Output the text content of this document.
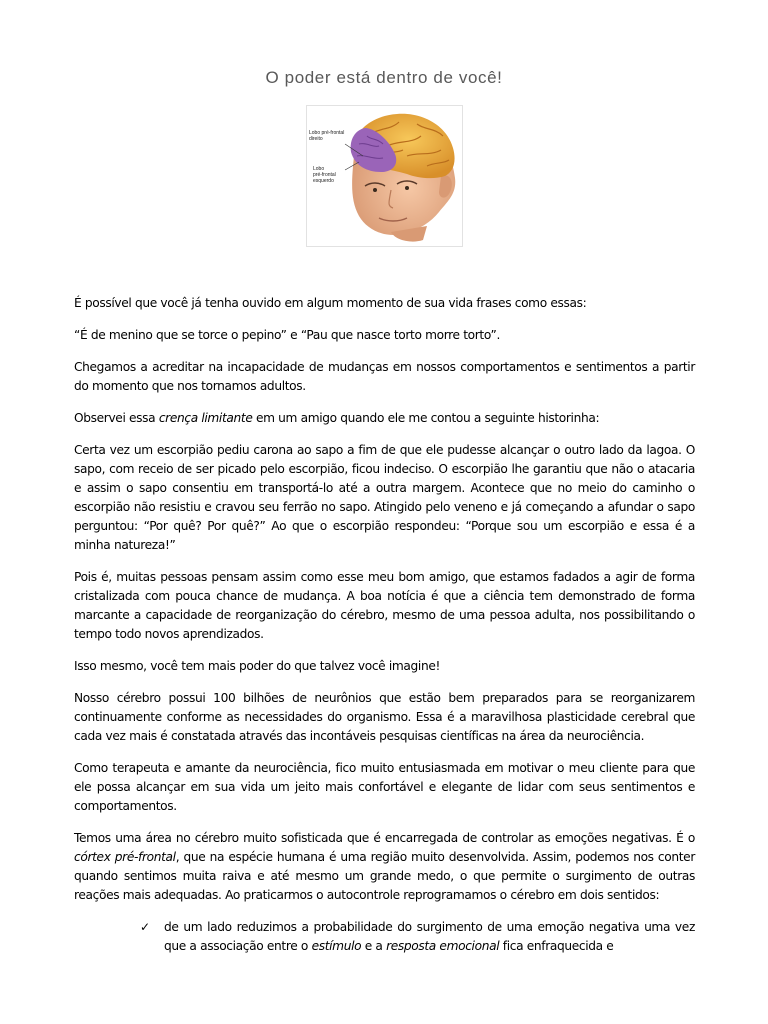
O poder está dentro de você!
Lobo pré-frontal
direito
Lobo
pré-frontal
esquerdo

É possível que você já tenha ouvido em algum momento de sua vida frases como essas:

“É de menino que se torce o pepino” e “Pau que nasce torto morre torto”.

Chegamos a acreditar na incapacidade de mudanças em nossos comportamentos e sentimentos a partir do momento que nos tornamos adultos.

Observei essa crença limitante em um amigo quando ele me contou a seguinte historinha:

Certa vez um escorpião pediu carona ao sapo a fim de que ele pudesse alcançar o outro lado da lagoa. O sapo, com receio de ser picado pelo escorpião, ficou indeciso. O escorpião lhe garantiu que não o atacaria e assim o sapo consentiu em transportá-lo até a outra margem. Acontece que no meio do caminho o escorpião não resistiu e cravou seu ferrão no sapo. Atingido pelo veneno e já começando a afundar o sapo perguntou: “Por quê? Por quê?” Ao que o escorpião respondeu: “Porque sou um escorpião e essa é a minha natureza!”

Pois é, muitas pessoas pensam assim como esse meu bom amigo, que estamos fadados a agir de forma cristalizada com pouca chance de mudança. A boa notícia é que a ciência tem demonstrado de forma marcante a capacidade de reorganização do cérebro, mesmo de uma pessoa adulta, nos possibilitando o tempo todo novos aprendizados.

Isso mesmo, você tem mais poder do que talvez você imagine!

Nosso cérebro possui 100 bilhões de neurônios que estão bem preparados para se reorganizarem continuamente conforme as necessidades do organismo. Essa é a maravilhosa plasticidade cerebral que cada vez mais é constatada através das incontáveis pesquisas científicas na área da neurociência.

Como terapeuta e amante da neurociência, fico muito entusiasmada em motivar o meu cliente para que ele possa alcançar em sua vida um jeito mais confortável e elegante de lidar com seus sentimentos e comportamentos.

Temos uma área no cérebro muito sofisticada que é encarregada de controlar as emoções negativas. É o córtex pré-frontal, que na espécie humana é uma região muito desenvolvida. Assim, podemos nos conter quando sentimos muita raiva e até mesmo um grande medo, o que permite o surgimento de outras reações mais adequadas. Ao praticarmos o autocontrole reprogramamos o cérebro em dois sentidos:

✓ de um lado reduzimos a probabilidade do surgimento de uma emoção negativa uma vez que a associação entre o estímulo e a resposta emocional fica enfraquecida e
